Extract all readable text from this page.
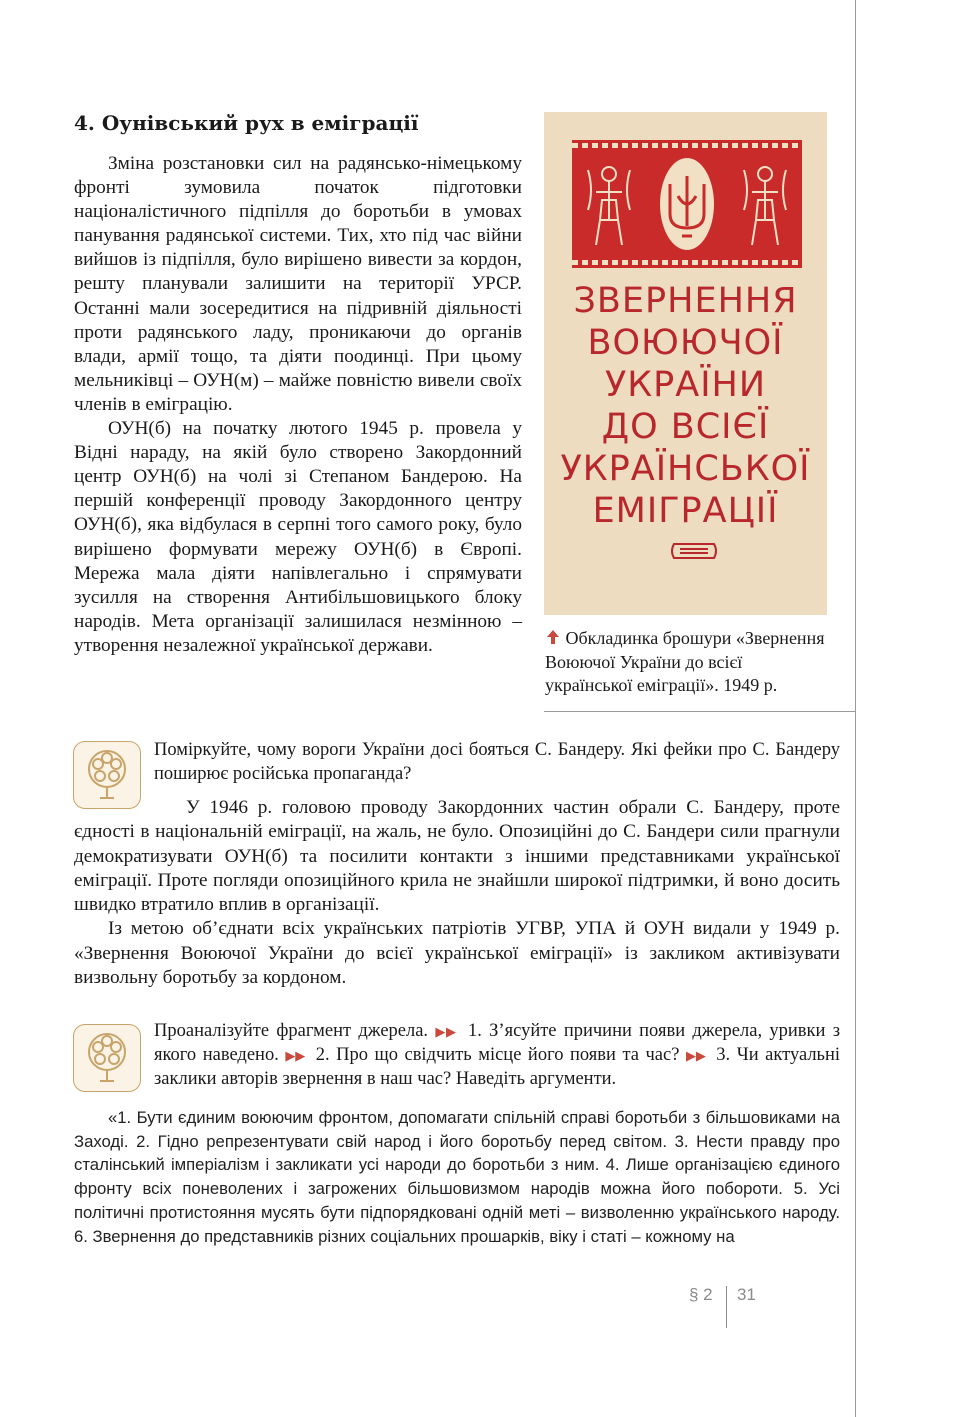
4. Оунівський рух в еміграції

Зміна розстановки сил на радянсько-німецькому фронті зумовила початок підготовки націоналістичного підпілля до боротьби в умовах панування радянської системи. Тих, хто під час війни вийшов із підпілля, було вирішено вивести за кордон, решту планували залишити на території УРСР. Останні мали зосередитися на підривній діяльності проти радянського ладу, проникаючи до органів влади, армії тощо, та діяти поодинці. При цьому мельниківці – ОУН(м) – майже повністю вивели своїх членів в еміграцію.

ОУН(б) на початку лютого 1945 р. провела у Відні нараду, на якій було створено Закордонний центр ОУН(б) на чолі зі Степаном Бандерою. На першій конференції проводу Закордонного центру ОУН(б), яка відбулася в серпні того самого року, було вирішено формувати мережу ОУН(б) в Європі. Мережа мала діяти напівлегально і спрямувати зусилля на створення Антибільшовицького блоку народів. Мета організації залишилася незмінною – утворення незалежної української держави.

ЗВЕРНЕННЯ
ВОЮЮЧОЇ
УКРАЇНИ
ДО ВСІЄЇ
УКРАЇНСЬКОЇ
ЕМІГРАЦІЇ
Обкладинка брошури «Звернення Воюючої України до всієї української еміграції». 1949 р.
Поміркуйте, чому вороги України досі бояться С. Бандеру. Які фейки про С. Бандеру поширює російська пропаганда?

У 1946 р. головою проводу Закордонних частин обрали С. Бандеру, проте єдності в національній еміграції, на жаль, не було. Опозиційні до С. Бандери сили прагнули демократизувати ОУН(б) та посилити контакти з іншими представниками української еміграції. Проте погляди опозиційного крила не знайшли широкої підтримки, й воно досить швидко втратило вплив в організації.

Із метою об’єднати всіх українських патріотів УГВР, УПА й ОУН видали у 1949 р. «Звернення Воюючої України до всієї української еміграції» із закликом активізувати визвольну боротьбу за кордоном.

Проаналізуйте фрагмент джерела. ▶▶ 1. З’ясуйте причини появи джерела, уривки з якого наведено. ▶▶ 2. Про що свідчить місце його появи та час? ▶▶ 3. Чи актуальні заклики авторів звернення в наш час? Наведіть аргументи.

«1. Бути єдиним воюючим фронтом, допомагати спільній справі боротьби з більшовиками на Заході. 2. Гідно репрезентувати свій народ і його боротьбу перед світом. 3. Нести правду про сталінський імперіалізм і закликати усі народи до боротьби з ним. 4. Лише організацією єдиного фронту всіх поневолених і загрожених більшовизмом народів можна його побороти. 5. Усі політичні протистояння мусять бути підпорядковані одній меті – визволенню українського народу. 6. Звернення до представників різних соціальних прошарків, віку і статі – кожному на

§ 2 31
